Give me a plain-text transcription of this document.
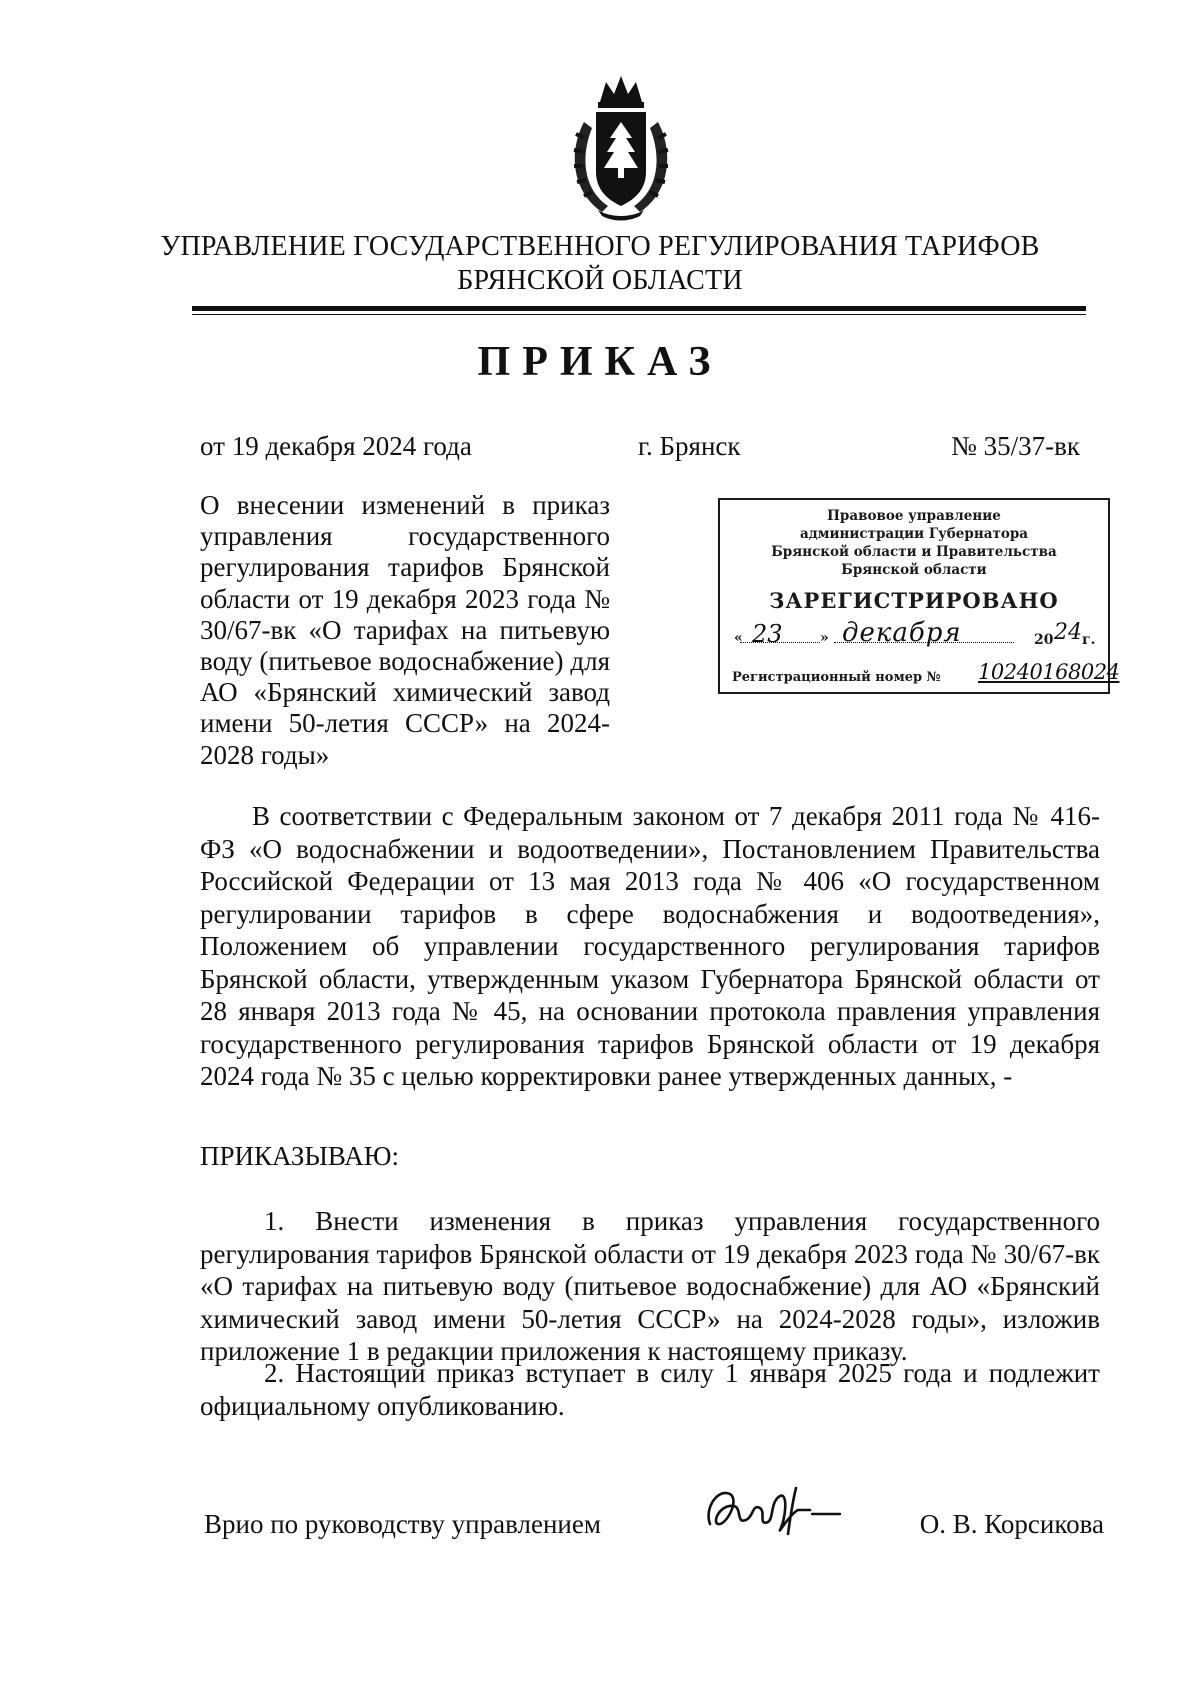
УПРАВЛЕНИЕ ГОСУДАРСТВЕННОГО РЕГУЛИРОВАНИЯ ТАРИФОВ
БРЯНСКОЙ ОБЛАСТИ
ПРИКАЗ
от 19 декабря 2024 года	г. Брянск	№ 35/37-вк
О внесении изменений в приказ управления государственного регулирования тарифов Брянской области от 19 декабря 2023 года № 30/67-вк «О тарифах на питьевую воду (питьевое водоснабжение) для АО «Брянский химический завод имени 50-летия СССР» на 2024-2028 годы»
Правовое управление
администрации Губернатора
Брянской области и Правительства
Брянской области
ЗАРЕГИСТРИРОВАНО
« 23	» декабря	20 24 г.
Регистрационный номер № 10240168024
В соответствии с Федеральным законом от 7 декабря 2011 года № 416-ФЗ «О водоснабжении и водоотведении», Постановлением Правительства Российской Федерации от 13 мая 2013 года № 406 «О государственном регулировании тарифов в сфере водоснабжения и водоотведения», Положением об управлении государственного регулирования тарифов Брянской области, утвержденным указом Губернатора Брянской области от 28 января 2013 года № 45, на основании протокола правления управления государственного регулирования тарифов Брянской области от 19 декабря 2024 года № 35 с целью корректировки ранее утвержденных данных, -
ПРИКАЗЫВАЮ:
1. Внести изменения в приказ управления государственного регулирования тарифов Брянской области от 19 декабря 2023 года № 30/67-вк «О тарифах на питьевую воду (питьевое водоснабжение) для АО «Брянский химический завод имени 50-летия СССР» на 2024-2028 годы», изложив приложение 1 в редакции приложения к настоящему приказу.
2. Настоящий приказ вступает в силу 1 января 2025 года и подлежит официальному опубликованию.
Врио по руководству управлением	О. В. Корсикова
